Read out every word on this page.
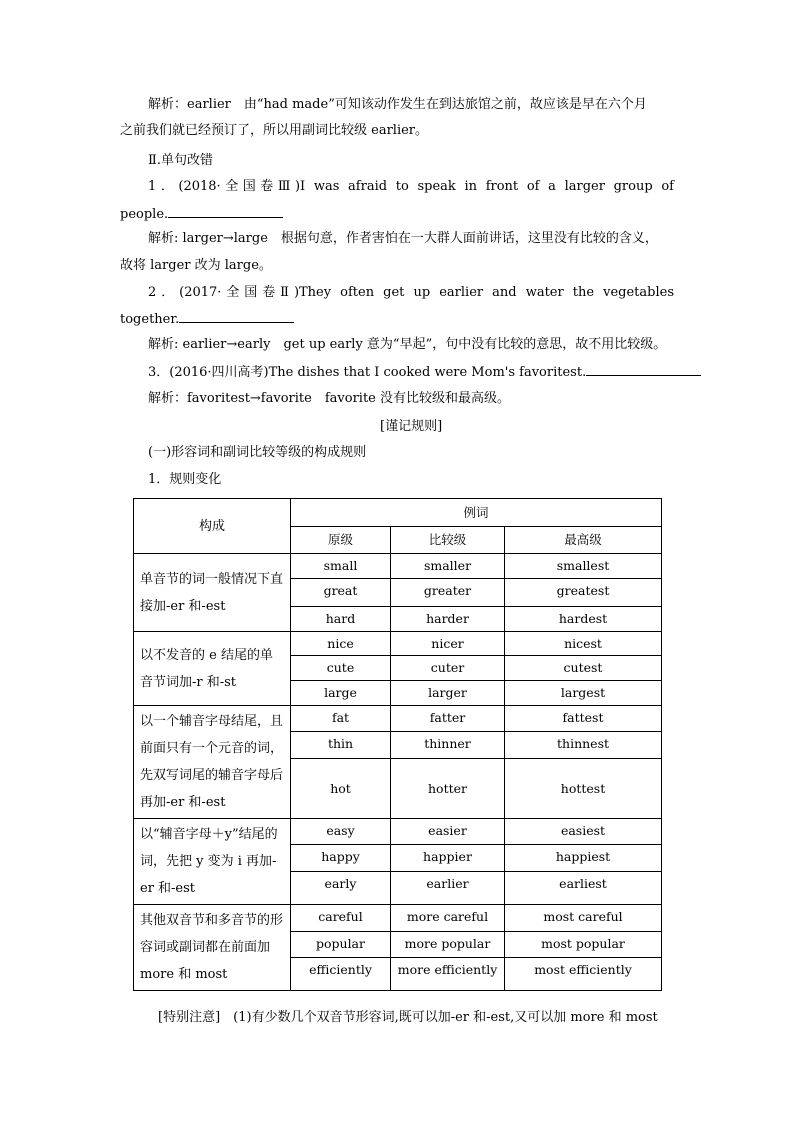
解析：earlier　由“had made”可知该动作发生在到达旅馆之前，故应该是早在六个月
之前我们就已经预订了，所以用副词比较级 earlier。
Ⅱ.单句改错
1．(2018·全国卷Ⅲ)I was afraid to speak in front of a larger group of
people.
解析: larger→large　根据句意，作者害怕在一大群人面前讲话，这里没有比较的含义，
故将 larger 改为 large。
2．(2017·全国卷Ⅱ)They often get up earlier and water the vegetables
together.
解析: earlier→early　get up early 意为“早起”，句中没有比较的意思，故不用比较级。
3．(2016·四川高考)The dishes that I cooked were Mom's favoritest.
解析：favoritest→favorite　favorite 没有比较级和最高级。
[谨记规则]
(一)形容词和副词比较等级的构成规则
1．规则变化
构成	例词		
	原级	比较级	最高级
单音节的词一般情况下直接加-er 和-est	small	smaller	smallest
	great	greater	greatest
	hard	harder	hardest
以不发音的 e 结尾的单音节词加-r 和-st	nice	nicer	nicest
	cute	cuter	cutest
	large	larger	largest
以一个辅音字母结尾，且前面只有一个元音的词，先双写词尾的辅音字母后再加-er 和-est	fat	fatter	fattest
	thin	thinner	thinnest
	hot	hotter	hottest
以“辅音字母＋y”结尾的词，先把 y 变为 i 再加-er 和-est	easy	easier	easiest
	happy	happier	happiest
	early	earlier	earliest
其他双音节和多音节的形容词或副词都在前面加 more 和 most	careful	more careful	most careful
	popular	more popular	most popular
	efficiently	more efficiently	most efficiently
[特别注意]  (1)有少数几个双音节形容词,既可以加-er 和-est,又可以加 more 和 most
